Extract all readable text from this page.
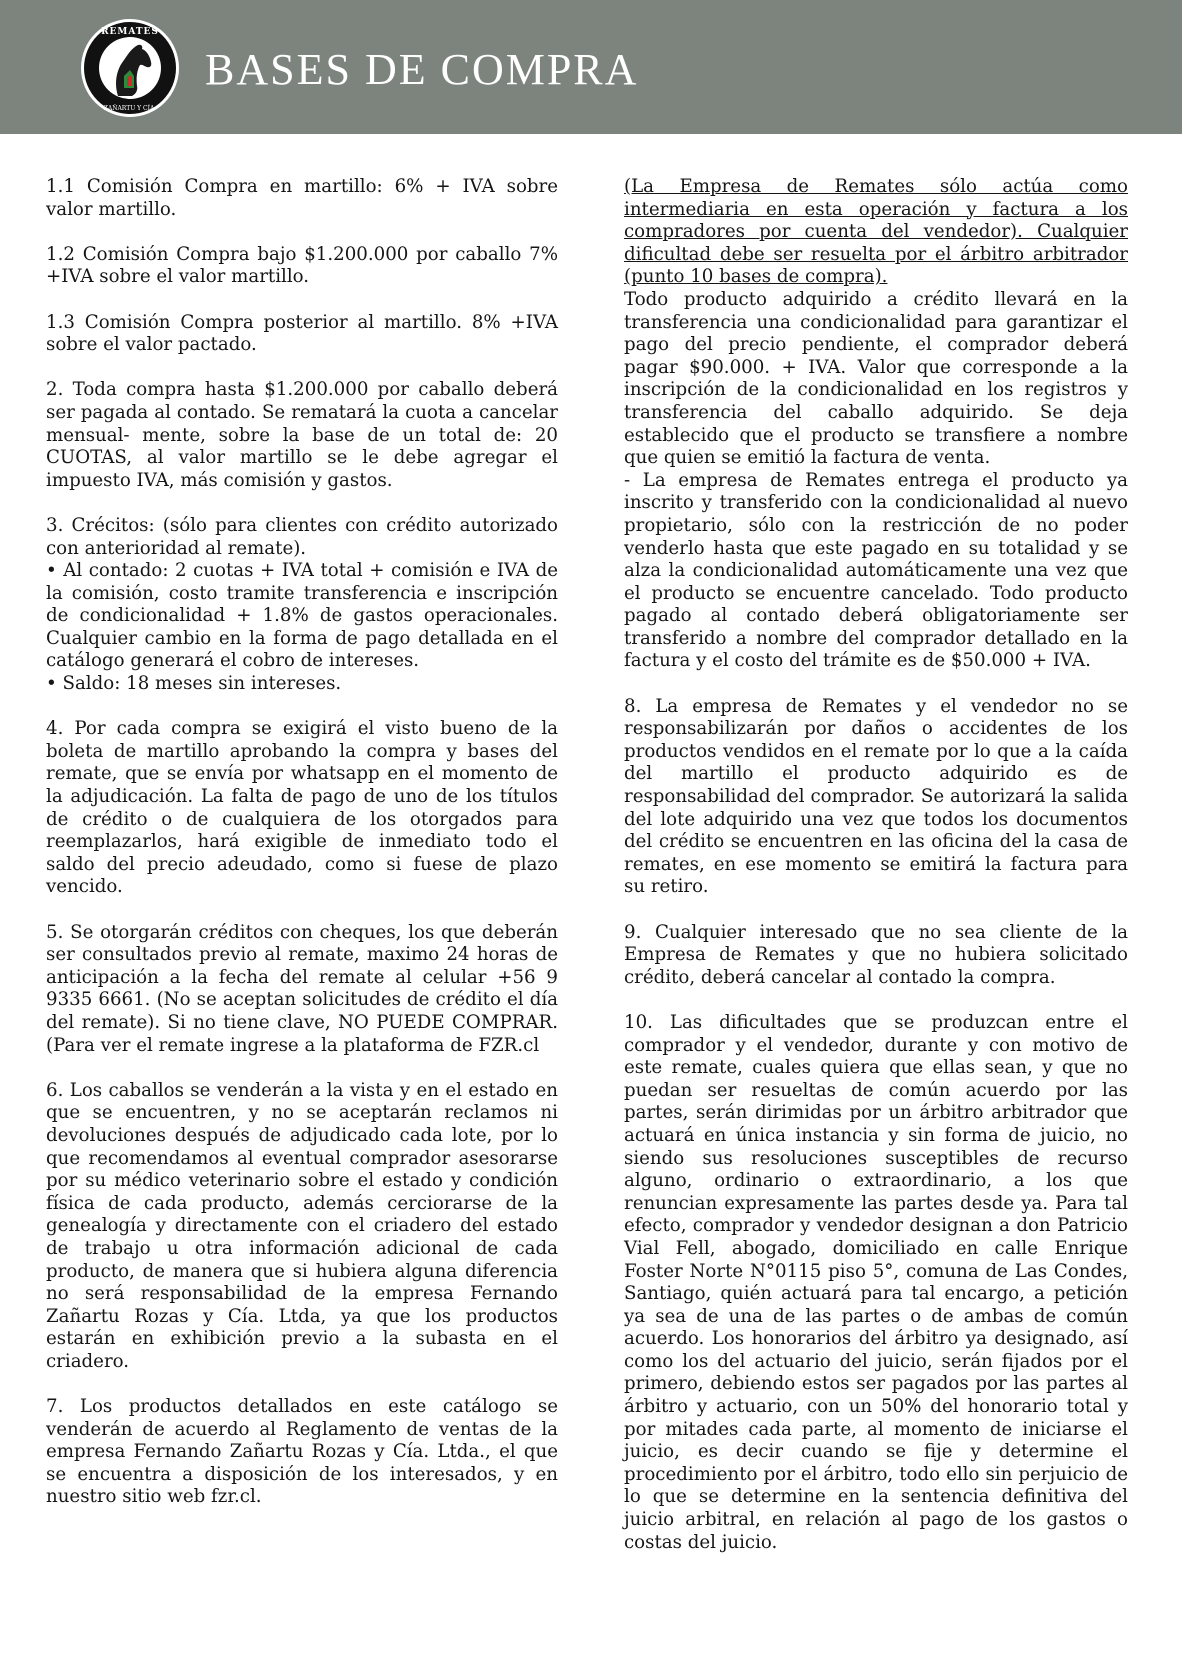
REMATES
ZAÑARTU Y CÍA.
BASES DE COMPRA

1.1 Comisión Compra en martillo: 6% + IVA sobre valor martillo.

1.2 Comisión Compra bajo $1.200.000 por caballo 7% +IVA sobre el valor martillo.

1.3 Comisión Compra posterior al martillo. 8% +IVA sobre el valor pactado.

2. Toda compra hasta $1.200.000 por caballo deberá ser pagada al contado. Se rematará la cuota a cancelar mensual- mente, sobre la base de un total de: 20 CUOTAS, al valor martillo se le debe agregar el impuesto IVA, más comisión y gastos.

3. Crécitos: (sólo para clientes con crédito autorizado con anterioridad al remate).
• Al contado: 2 cuotas + IVA total + comisión e IVA de la comisión, costo tramite transferencia e inscripción de condicionalidad + 1.8% de gastos operacionales. Cualquier cambio en la forma de pago detallada en el catálogo generará el cobro de intereses.
• Saldo: 18 meses sin intereses.

4. Por cada compra se exigirá el visto bueno de la boleta de martillo aprobando la compra y bases del remate, que se envía por whatsapp en el momento de la adjudicación. La falta de pago de uno de los títulos de crédito o de cualquiera de los otorgados para reemplazarlos, hará exigible de inmediato todo el saldo del precio adeudado, como si fuese de plazo vencido.

5. Se otorgarán créditos con cheques, los que deberán ser consultados previo al remate, maximo 24 horas de anticipación a la fecha del remate al celular +56 9 9335 6661. (No se aceptan solicitudes de crédito el día del remate). Si no tiene clave, NO PUEDE COMPRAR. (Para ver el remate ingrese a la plataforma de FZR.cl

6. Los caballos se venderán a la vista y en el estado en que se encuentren, y no se aceptarán reclamos ni devoluciones después de adjudicado cada lote, por lo que recomendamos al eventual comprador asesorarse por su médico veterinario sobre el estado y condición física de cada producto, además cerciorarse de la genealogía y directamente con el criadero del estado de trabajo u otra información adicional de cada producto, de manera que si hubiera alguna diferencia no será responsabilidad de la empresa Fernando Zañartu Rozas y Cía. Ltda, ya que los productos estarán en exhibición previo a la subasta en el criadero.

7. Los productos detallados en este catálogo se venderán de acuerdo al Reglamento de ventas de la empresa Fernando Zañartu Rozas y Cía. Ltda., el que se encuentra a disposición de los interesados, y en nuestro sitio web fzr.cl.

(La Empresa de Remates sólo actúa como intermediaria en esta operación y factura a los compradores por cuenta del vendedor). Cualquier dificultad debe ser resuelta por el árbitro arbitrador (punto 10 bases de compra).

Todo producto adquirido a crédito llevará en la transferencia una condicionalidad para garantizar el pago del precio pendiente, el comprador deberá pagar $90.000. + IVA. Valor que corresponde a la inscripción de la condicionalidad en los registros y transferencia del caballo adquirido. Se deja establecido que el producto se transfiere a nombre que quien se emitió la factura de venta.

- La empresa de Remates entrega el producto ya inscrito y transferido con la condicionalidad al nuevo propietario, sólo con la restricción de no poder venderlo hasta que este pagado en su totalidad y se alza la condicionalidad automáticamente una vez que el producto se encuentre cancelado. Todo producto pagado al contado deberá obligatoriamente ser transferido a nombre del comprador detallado en la factura y el costo del trámite es de $50.000 + IVA.

8. La empresa de Remates y el vendedor no se responsabilizarán por daños o accidentes de los productos vendidos en el remate por lo que a la caída del martillo el producto adquirido es de responsabilidad del comprador. Se autorizará la salida del lote adquirido una vez que todos los documentos del crédito se encuentren en las oficina del la casa de remates, en ese momento se emitirá la factura para su retiro.

9. Cualquier interesado que no sea cliente de la Empresa de Remates y que no hubiera solicitado crédito, deberá cancelar al contado la compra.

10. Las dificultades que se produzcan entre el comprador y el vendedor, durante y con motivo de este remate, cuales quiera que ellas sean, y que no puedan ser resueltas de común acuerdo por las partes, serán dirimidas por un árbitro arbitrador que actuará en única instancia y sin forma de juicio, no siendo sus resoluciones susceptibles de recurso alguno, ordinario o extraordinario, a los que renuncian expresamente las partes desde ya. Para tal efecto, comprador y vendedor designan a don Patricio Vial Fell, abogado, domiciliado en calle Enrique Foster Norte N°0115 piso 5°, comuna de Las Condes, Santiago, quién actuará para tal encargo, a petición ya sea de una de las partes o de ambas de común acuerdo. Los honorarios del árbitro ya designado, así como los del actuario del juicio, serán fijados por el primero, debiendo estos ser pagados por las partes al árbitro y actuario, con un 50% del honorario total y por mitades cada parte, al momento de iniciarse el juicio, es decir cuando se fije y determine el procedimiento por el árbitro, todo ello sin perjuicio de lo que se determine en la sentencia definitiva del juicio arbitral, en relación al pago de los gastos o costas del juicio.
